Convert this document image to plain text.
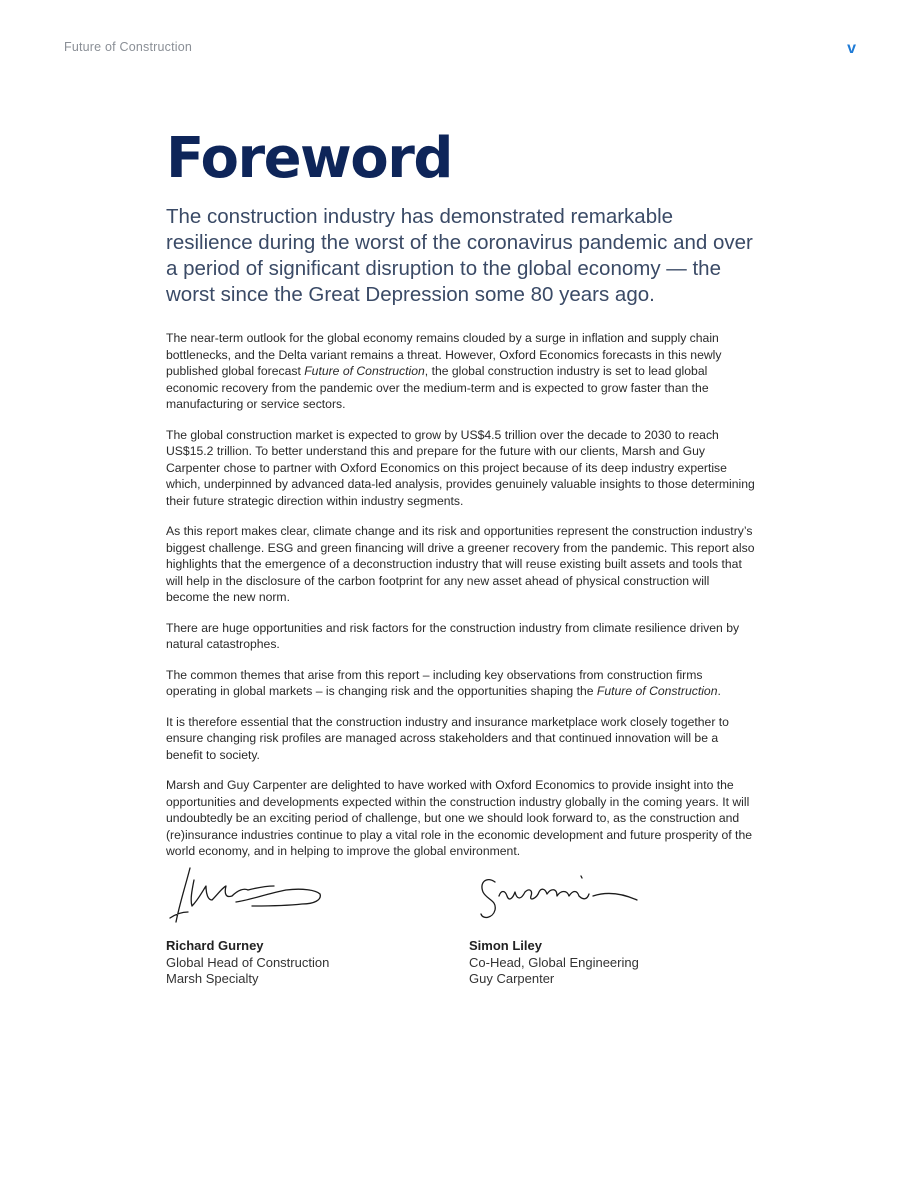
Future of Construction	v
Foreword

The construction industry has demonstrated remarkable resilience during the worst of the coronavirus pandemic and over a period of significant disruption to the global economy — the worst since the Great Depression some 80 years ago.

The near-term outlook for the global economy remains clouded by a surge in inflation and supply chain bottlenecks, and the Delta variant remains a threat. However, Oxford Economics forecasts in this newly published global forecast Future of Construction, the global construction industry is set to lead global economic recovery from the pandemic over the medium-term and is expected to grow faster than the manufacturing or service sectors.

The global construction market is expected to grow by US$4.5 trillion over the decade to 2030 to reach US$15.2 trillion. To better understand this and prepare for the future with our clients, Marsh and Guy Carpenter chose to partner with Oxford Economics on this project because of its deep industry expertise which, underpinned by advanced data-led analysis, provides genuinely valuable insights to those determining their future strategic direction within industry segments.

As this report makes clear, climate change and its risk and opportunities represent the construction industry’s biggest challenge. ESG and green financing will drive a greener recovery from the pandemic. This report also highlights that the emergence of a deconstruction industry that will reuse existing built assets and tools that will help in the disclosure of the carbon footprint for any new asset ahead of physical construction will become the new norm.

There are huge opportunities and risk factors for the construction industry from climate resilience driven by natural catastrophes.

The common themes that arise from this report – including key observations from construction firms operating in global markets – is changing risk and the opportunities shaping the Future of Construction.

It is therefore essential that the construction industry and insurance marketplace work closely together to ensure changing risk profiles are managed across stakeholders and that continued innovation will be a benefit to society.

Marsh and Guy Carpenter are delighted to have worked with Oxford Economics to provide insight into the opportunities and developments expected within the construction industry globally in the coming years. It will undoubtedly be an exciting period of challenge, but one we should look forward to, as the construction and (re)insurance industries continue to play a vital role in the economic development and future prosperity of the world economy, and in helping to improve the global environment.

Richard Gurney
Global Head of Construction
Marsh Specialty
Simon Liley
Co-Head, Global Engineering
Guy Carpenter
